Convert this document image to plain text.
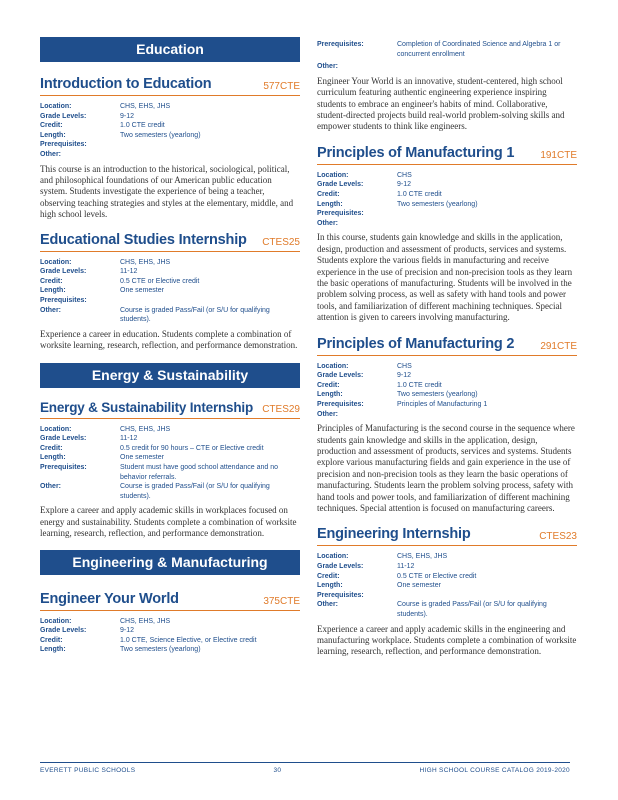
Education
Introduction to Education	577CTE
Location:	CHS, EHS, JHS
Grade Levels:	9-12
Credit:	1.0 CTE credit
Length:	Two semesters (yearlong)
Prerequisites:
Other:
This course is an introduction to the historical, sociological, political, and philosophical foundations of our American public education system. Students investigate the experience of being a teacher, observing teaching strategies and styles at the elementary, middle, and high school levels.
Educational Studies Internship CTES25
Location:	CHS, EHS, JHS
Grade Levels:	11-12
Credit:	0.5 CTE or Elective credit
Length:	One semester
Prerequisites:
Other:	Course is graded Pass/Fail (or S/U for qualifying students).
Experience a career in education. Students complete a combination of worksite learning, research, reflection, and performance demonstration.
Energy & Sustainability
Energy & Sustainability Internship CTES29
Location:	CHS, EHS, JHS
Grade Levels:	11-12
Credit:	0.5 credit for 90 hours – CTE or Elective credit
Length:	One semester
Prerequisites:	Student must have good school attendance and no behavior referrals.
Other:	Course is graded Pass/Fail (or S/U for qualifying students).
Explore a career and apply academic skills in workplaces focused on energy and sustainability. Students complete a combination of worksite learning, research, reflection, and performance demonstration.
Engineering & Manufacturing
Engineer Your World	375CTE
Location:	CHS, EHS, JHS
Grade Levels:	9-12
Credit:	1.0 CTE, Science Elective, or Elective credit
Length:	Two semesters (yearlong)
Prerequisites:	Completion of Coordinated Science and Algebra 1 or concurrent enrollment
Other:
Engineer Your World is an innovative, student-centered, high school curriculum featuring authentic engineering experience inspiring students to embrace an engineer's habits of mind. Collaborative, student-directed projects build real-world problem-solving skills and empower students to think like engineers.
Principles of Manufacturing 1	191CTE
Location:	CHS
Grade Levels:	9-12
Credit:	1.0 CTE credit
Length:	Two semesters (yearlong)
Prerequisites:
Other:
In this course, students gain knowledge and skills in the application, design, production and assessment of products, services and systems. Students explore the various fields in manufacturing and receive experience in the use of precision and non-precision tools as they learn the basic operations of manufacturing. Students will be involved in the problem solving process, as well as safety with hand tools and power tools, and familiarization of different machining techniques. Special attention is given to careers involving manufacturing.
Principles of Manufacturing 2	291CTE
Location:	CHS
Grade Levels:	9-12
Credit:	1.0 CTE credit
Length:	Two semesters (yearlong)
Prerequisites:	Principles of Manufacturing 1
Other:
Principles of Manufacturing is the second course in the sequence where students gain knowledge and skills in the application, design, production and assessment of products, services and systems. Students explore various manufacturing fields and gain experience in the use of precision and non-precision tools as they learn the basic operations of manufacturing. Students learn the problem solving process, safety with hand tools and power tools, and familiarization of different machining techniques. Special attention is focused on manufacturing careers.
Engineering Internship	CTES23
Location:	CHS, EHS, JHS
Grade Levels:	11-12
Credit:	0.5 CTE or Elective credit
Length:	One semester
Prerequisites:
Other:	Course is graded Pass/Fail (or S/U for qualifying students).
Experience a career and apply academic skills in the engineering and manufacturing workplace. Students complete a combination of worksite learning, research, reflection, and performance demonstration.
EVERETT PUBLIC SCHOOLS	30	HIGH SCHOOL COURSE CATALOG 2019-2020
